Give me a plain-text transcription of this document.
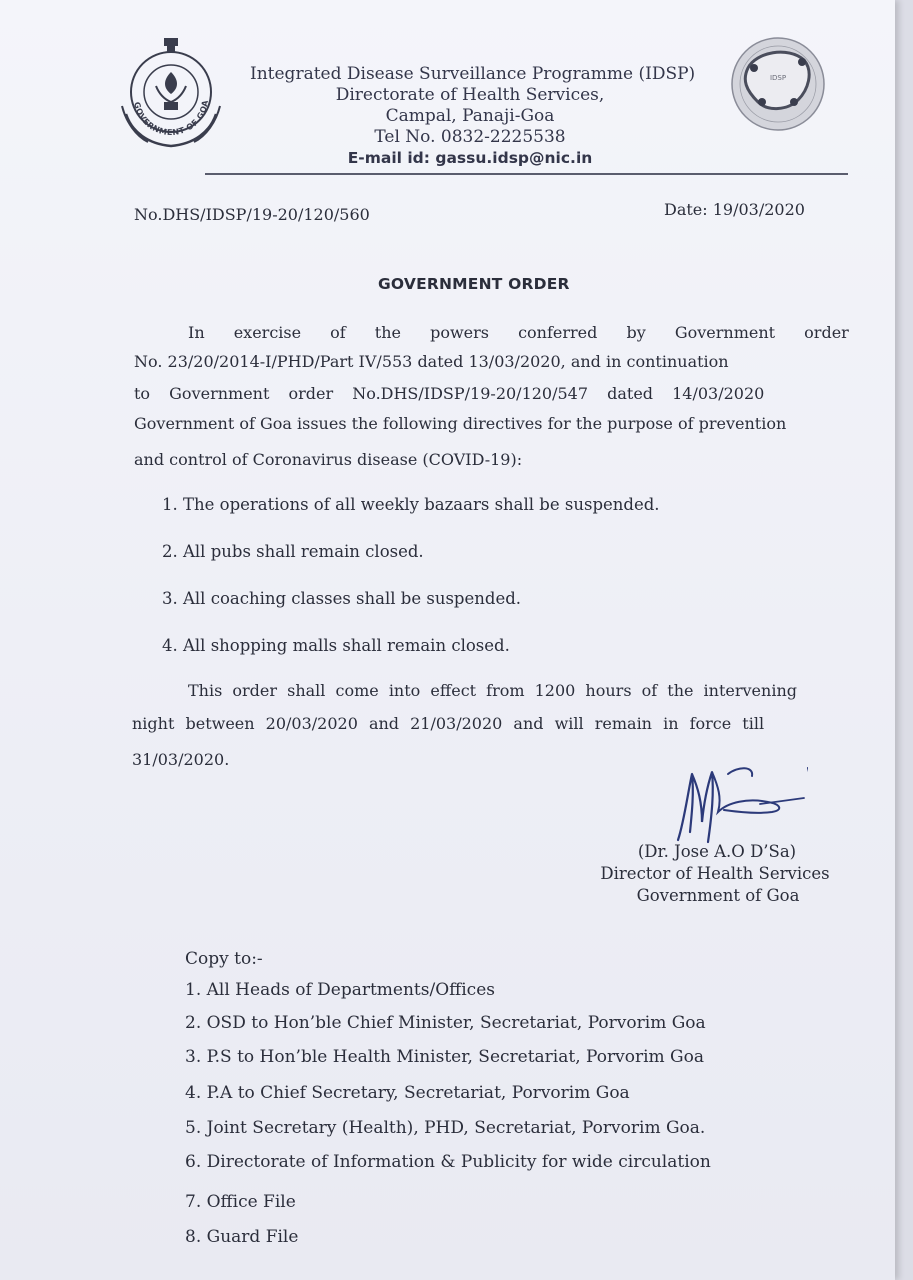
GOVERNMENT OF GOA
IDSP
Integrated Disease Surveillance Programme (IDSP)
Directorate of Health Services,
Campal, Panaji-Goa
Tel No. 0832-2225538
E-mail id: gassu.idsp@nic.in
No.DHS/IDSP/19-20/120/560	Date: 19/03/2020
GOVERNMENT ORDER
In exercise of the powers conferred by Government order
No. 23/20/2014-I/PHD/Part IV/553 dated 13/03/2020, and in continuation
to Government order No.DHS/IDSP/19-20/120/547 dated 14/03/2020
Government of Goa issues the following directives for the purpose of prevention
and control of Coronavirus disease (COVID-19):
1. The operations of all weekly bazaars shall be suspended.
2. All pubs shall remain closed.
3. All coaching classes shall be suspended.
4. All shopping malls shall remain closed.
This order shall come into effect from 1200 hours of the intervening
night between 20/03/2020 and 21/03/2020 and will remain in force till
31/03/2020.
(Dr. Jose A.O D’Sa)
Director of Health Services
Government of Goa
Copy to:-
1. All Heads of Departments/Offices
2. OSD to Hon’ble Chief Minister, Secretariat, Porvorim Goa
3. P.S to Hon’ble Health Minister, Secretariat, Porvorim Goa
4. P.A to Chief Secretary, Secretariat, Porvorim Goa
5. Joint Secretary (Health), PHD, Secretariat, Porvorim Goa.
6. Directorate of Information & Publicity for wide circulation
7. Office File
8. Guard File
